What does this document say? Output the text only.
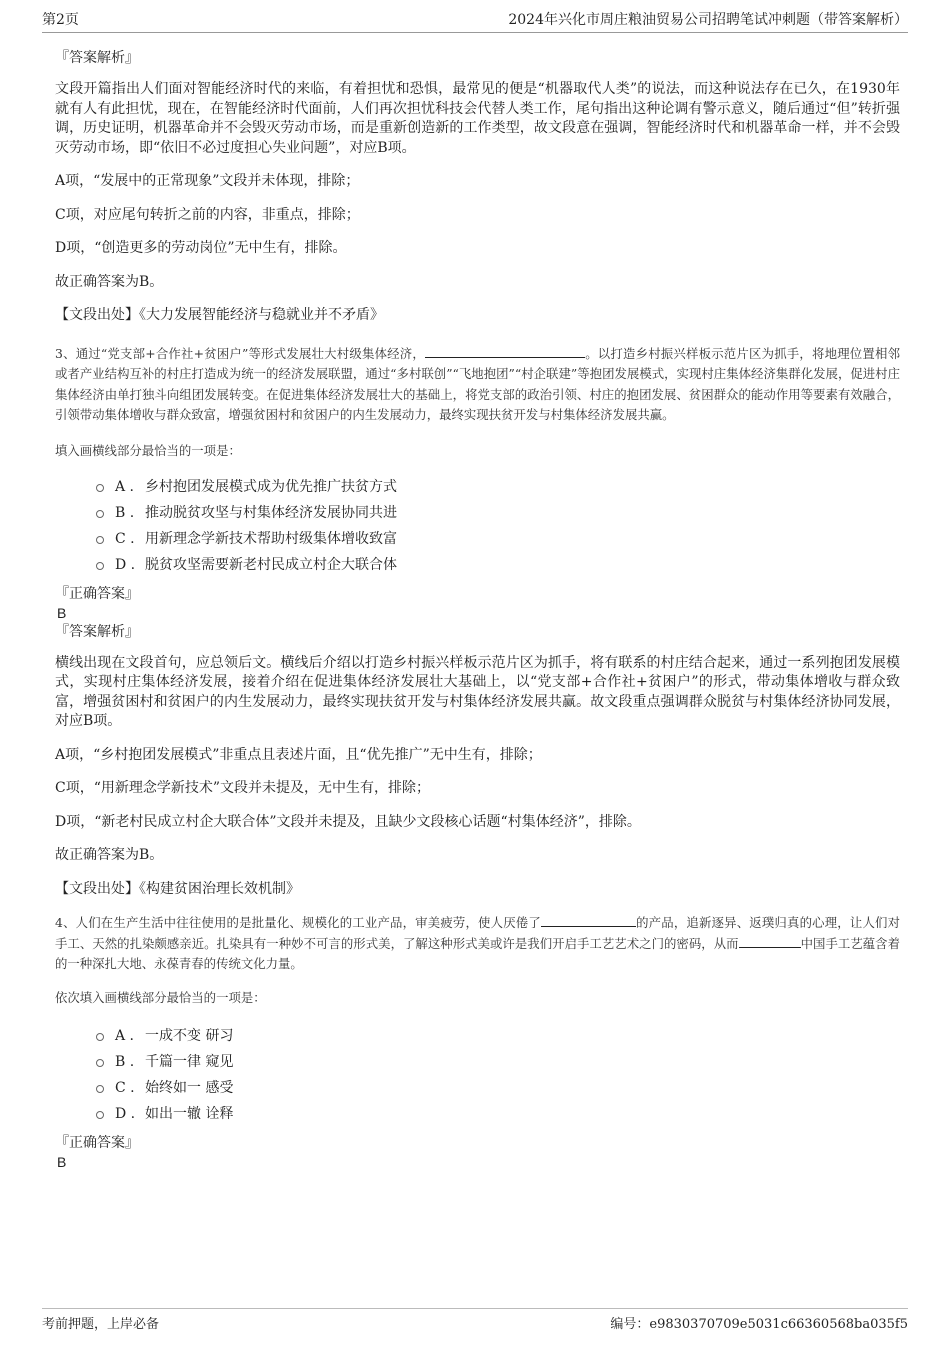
第2页	2024年兴化市周庄粮油贸易公司招聘笔试冲刺题（带答案解析）

『答案解析』

文段开篇指出人们面对智能经济时代的来临，有着担忧和恐惧，最常见的便是“机器取代人类”的说法，而这种说法存在已久，在1930年就有人有此担忧，现在，在智能经济时代面前，人们再次担忧科技会代替人类工作，尾句指出这种论调有警示意义，随后通过“但”转折强调，历史证明，机器革命并不会毁灭劳动市场，而是重新创造新的工作类型，故文段意在强调，智能经济时代和机器革命一样，并不会毁灭劳动市场，即“依旧不必过度担心失业问题”，对应B项。

A项，“发展中的正常现象”文段并未体现，排除；

C项，对应尾句转折之前的内容，非重点，排除；

D项，“创造更多的劳动岗位”无中生有，排除。

故正确答案为B。

【文段出处】《大力发展智能经济与稳就业并不矛盾》

3、通过“党支部+合作社+贫困户”等形式发展壮大村级集体经济，	。以打造乡村振兴样板示范片区为抓手，将地理位置相邻或者产业结构互补的村庄打造成为统一的经济发展联盟，通过“多村联创”“飞地抱团”“村企联建”等抱团发展模式，实现村庄集体经济集群化发展，促进村庄集体经济由单打独斗向组团发展转变。在促进集体经济发展壮大的基础上，将党支部的政治引领、村庄的抱团发展、贫困群众的能动作用等要素有效融合，引领带动集体增收与群众致富，增强贫困村和贫困户的内生发展动力，最终实现扶贫开发与村集体经济发展共赢。

填入画横线部分最恰当的一项是：

A . 乡村抱团发展模式成为优先推广扶贫方式
B . 推动脱贫攻坚与村集体经济发展协同共进
C . 用新理念学新技术帮助村级集体增收致富
D . 脱贫攻坚需要新老村民成立村企大联合体

『正确答案』

B

『答案解析』

横线出现在文段首句，应总领后文。横线后介绍以打造乡村振兴样板示范片区为抓手，将有联系的村庄结合起来，通过一系列抱团发展模式，实现村庄集体经济发展，接着介绍在促进集体经济发展壮大基础上，以“党支部+合作社+贫困户”的形式，带动集体增收与群众致富，增强贫困村和贫困户的内生发展动力，最终实现扶贫开发与村集体经济发展共赢。故文段重点强调群众脱贫与村集体经济协同发展，对应B项。

A项，“乡村抱团发展模式”非重点且表述片面，且“优先推广”无中生有，排除；

C项，“用新理念学新技术”文段并未提及，无中生有，排除；

D项，“新老村民成立村企大联合体”文段并未提及，且缺少文段核心话题“村集体经济”，排除。

故正确答案为B。

【文段出处】《构建贫困治理长效机制》

4、人们在生产生活中往往使用的是批量化、规模化的工业产品，审美疲劳，使人厌倦了	的产品，追新逐异、返璞归真的心理，让人们对手工、天然的扎染颇感亲近。扎染具有一种妙不可言的形式美，了解这种形式美或许是我们开启手工艺艺术之门的密码，从而	中国手工艺蕴含着的一种深扎大地、永葆青春的传统文化力量。

依次填入画横线部分最恰当的一项是：

A . 一成不变 研习
B . 千篇一律 窥见
C . 始终如一 感受
D . 如出一辙 诠释

『正确答案』

B

考前押题，上岸必备	编号：e9830370709e5031c66360568ba035f5
